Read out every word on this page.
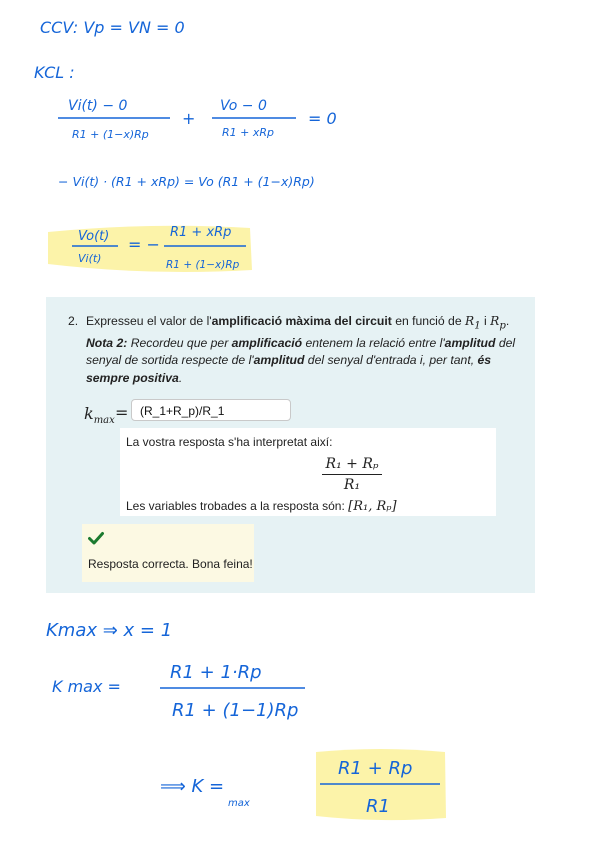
CCV: Vp = VN = 0
KCL :
Vi(t) − 0
R1 + (1−x)Rp
+
Vo − 0
R1 + xRp
= 0
− Vi(t) · (R1 + xRp) = Vo (R1 + (1−x)Rp)
Vo(t)
Vi(t)
= −
R1 + xRp
R1 + (1−x)Rp
Kmax ⇒ x = 1
K max =
R1 + 1·Rp
R1 + (1−1)Rp
⟹ K =
max
R1 + Rp
R1
2. Expresseu el valor de l'amplificació màxima del circuit en funció de $R_1$ i $R_p$. Nota 2: Recordeu que per amplificació entenem la relació entre l'amplitud del senyal de sortida respecte de l'amplitud del senyal d'entrada i, per tant, és sempre positiva.
$k_{max}$ = (R_1+R_p)/R_1
La vostra resposta s'ha interpretat així:
$\frac{\text{R₁ + Rₚ}}{\text{R₁}}$
Les variables trobades a la resposta són: [R₁, Rₚ]
Resposta correcta. Bona feina!
